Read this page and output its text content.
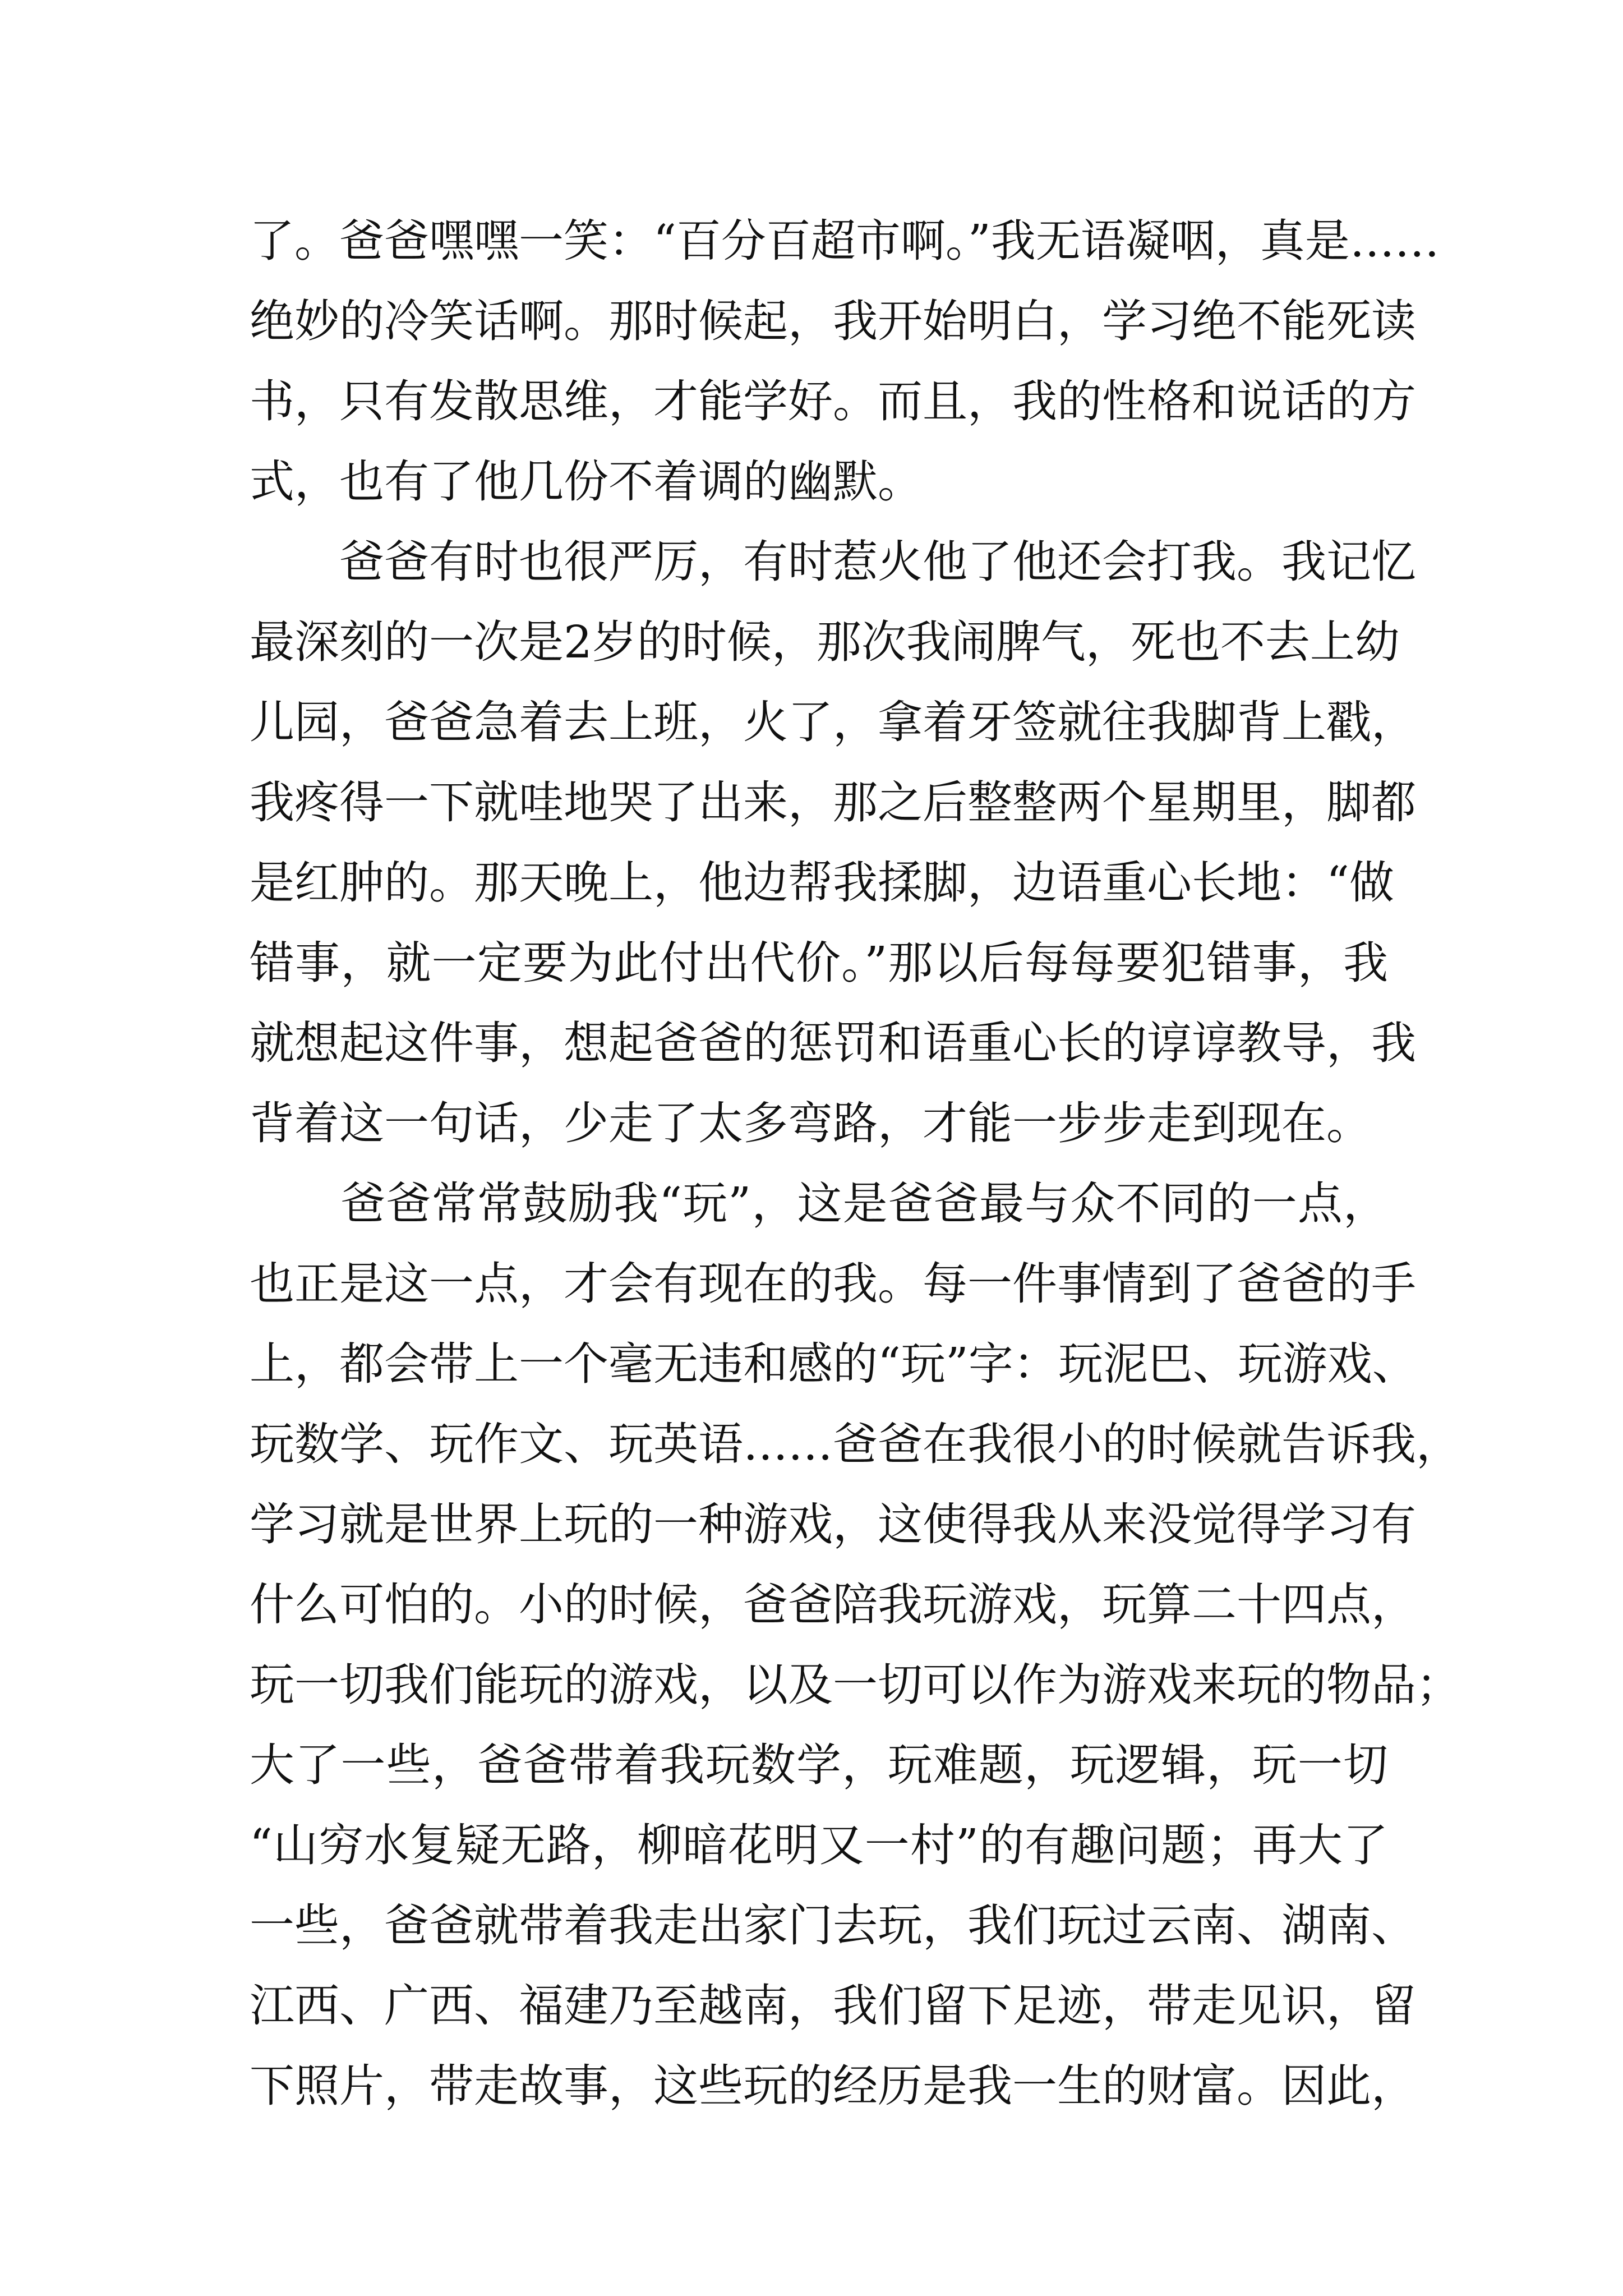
了。爸爸嘿嘿一笑：“百分百超市啊。”我无语凝咽，真是……
绝妙的冷笑话啊。那时候起，我开始明白，学习绝不能死读
书，只有发散思维，才能学好。而且，我的性格和说话的方
式，也有了他几份不着调的幽默。
　　爸爸有时也很严厉，有时惹火他了他还会打我。我记忆
最深刻的一次是2岁的时候，那次我闹脾气，死也不去上幼
儿园，爸爸急着去上班，火了，拿着牙签就往我脚背上戳，
我疼得一下就哇地哭了出来，那之后整整两个星期里，脚都
是红肿的。那天晚上，他边帮我揉脚，边语重心长地：“做
错事，就一定要为此付出代价。”那以后每每要犯错事，我
就想起这件事，想起爸爸的惩罚和语重心长的谆谆教导，我
背着这一句话，少走了太多弯路，才能一步步走到现在。
　　爸爸常常鼓励我“玩”，这是爸爸最与众不同的一点，
也正是这一点，才会有现在的我。每一件事情到了爸爸的手
上，都会带上一个毫无违和感的“玩”字：玩泥巴、玩游戏、
玩数学、玩作文、玩英语……爸爸在我很小的时候就告诉我，
学习就是世界上玩的一种游戏，这使得我从来没觉得学习有
什么可怕的。小的时候，爸爸陪我玩游戏，玩算二十四点，
玩一切我们能玩的游戏，以及一切可以作为游戏来玩的物品；
大了一些，爸爸带着我玩数学，玩难题，玩逻辑，玩一切
“山穷水复疑无路，柳暗花明又一村”的有趣问题；再大了
一些，爸爸就带着我走出家门去玩，我们玩过云南、湖南、
江西、广西、福建乃至越南，我们留下足迹，带走见识，留
下照片，带走故事，这些玩的经历是我一生的财富。因此，
